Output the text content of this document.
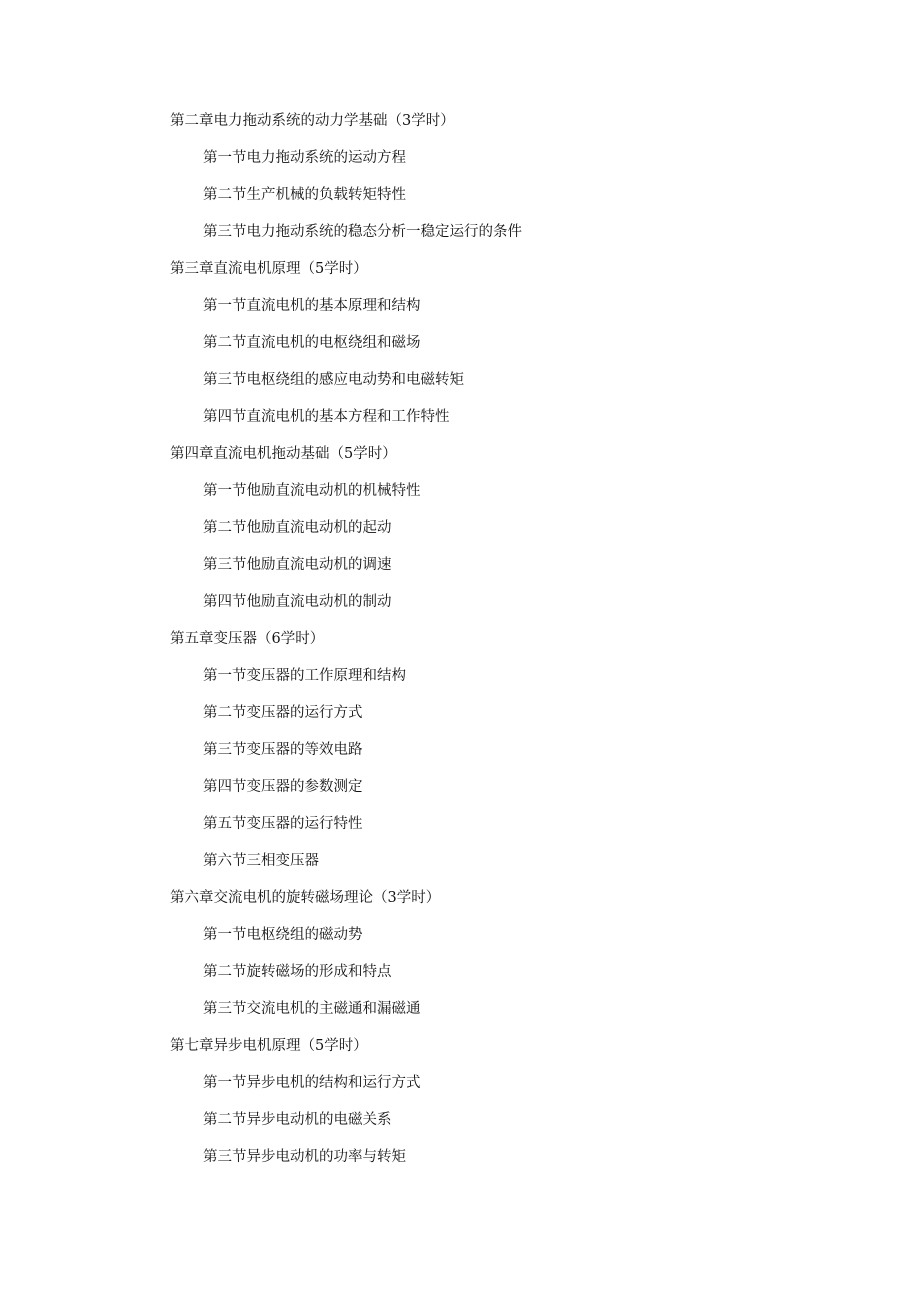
第二章电力拖动系统的动力学基础（3学时）
第一节电力拖动系统的运动方程
第二节生产机械的负载转矩特性
第三节电力拖动系统的稳态分析一稳定运行的条件
第三章直流电机原理（5学时）
第一节直流电机的基本原理和结构
第二节直流电机的电枢绕组和磁场
第三节电枢绕组的感应电动势和电磁转矩
第四节直流电机的基本方程和工作特性
第四章直流电机拖动基础（5学时）
第一节他励直流电动机的机械特性
第二节他励直流电动机的起动
第三节他励直流电动机的调速
第四节他励直流电动机的制动
第五章变压器（6学时）
第一节变压器的工作原理和结构
第二节变压器的运行方式
第三节变压器的等效电路
第四节变压器的参数测定
第五节变压器的运行特性
第六节三相变压器
第六章交流电机的旋转磁场理论（3学时）
第一节电枢绕组的磁动势
第二节旋转磁场的形成和特点
第三节交流电机的主磁通和漏磁通
第七章异步电机原理（5学时）
第一节异步电机的结构和运行方式
第二节异步电动机的电磁关系
第三节异步电动机的功率与转矩
